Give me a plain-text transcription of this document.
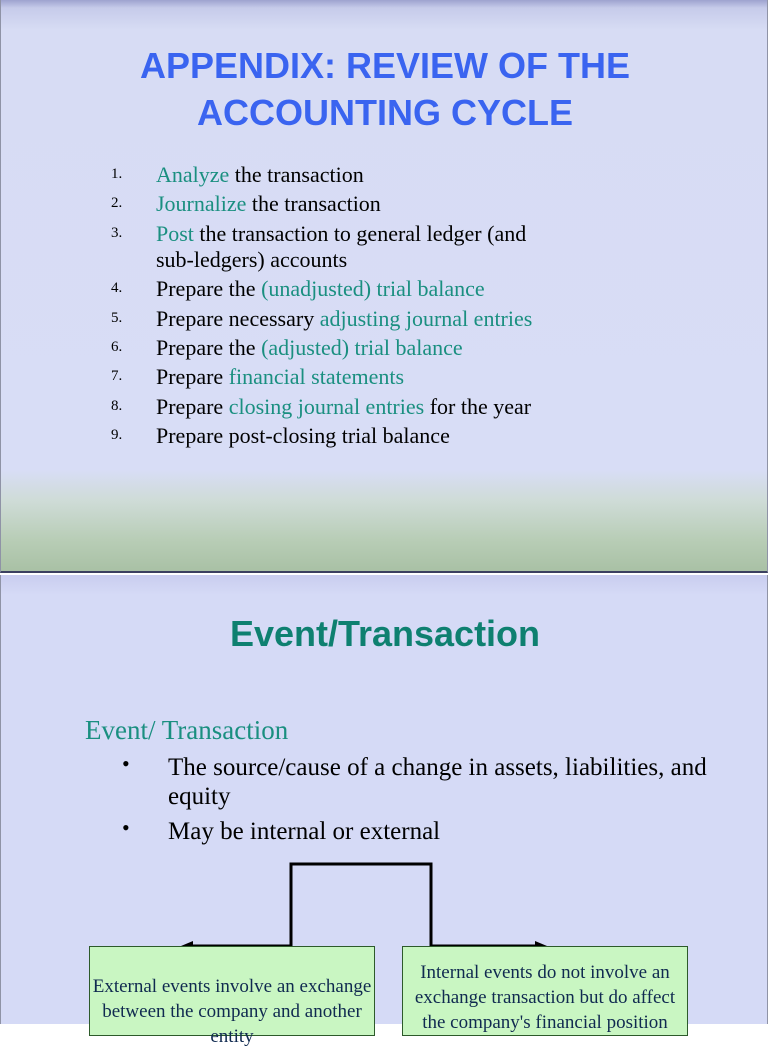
APPENDIX: REVIEW OF THE
ACCOUNTING CYCLE
1. Analyze the transaction
2. Journalize the transaction
3. Post the transaction to general ledger (and
sub-ledgers) accounts
4. Prepare the (unadjusted) trial balance
5. Prepare necessary adjusting journal entries
6. Prepare the (adjusted) trial balance
7. Prepare financial statements
8. Prepare closing journal entries for the year
9. Prepare post-closing trial balance
Event/Transaction
Event/ Transaction
• The source/cause of a change in assets, liabilities, and equity
• May be internal or external
External events involve an exchange between the company and another entity
Internal events do not involve an exchange transaction but do affect the company's financial position
